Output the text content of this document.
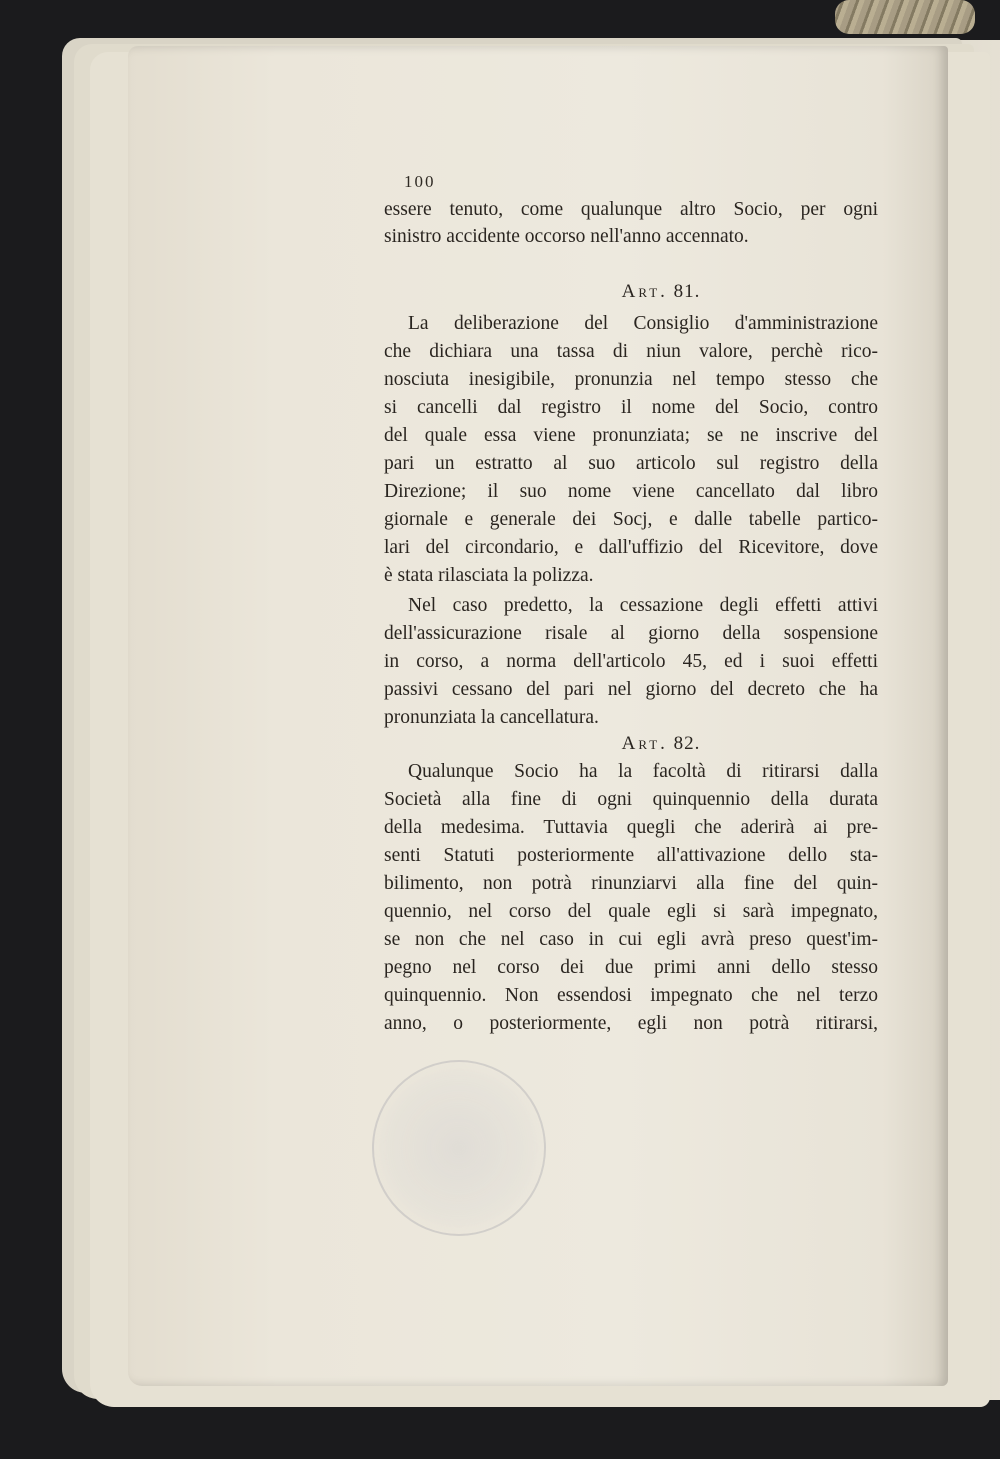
100
essere tenuto, come qualunque altro Socio, per ogni
sinistro accidente occorso nell'anno accennato.
Art. 81.
La deliberazione del Consiglio d'amministrazione
che dichiara una tassa di niun valore, perchè rico-
nosciuta inesigibile, pronunzia nel tempo stesso che
si cancelli dal registro il nome del Socio, contro
del quale essa viene pronunziata; se ne inscrive del
pari un estratto al suo articolo sul registro della
Direzione; il suo nome viene cancellato dal libro
giornale e generale dei Socj, e dalle tabelle partico-
lari del circondario, e dall'uffizio del Ricevitore, dove
è stata rilasciata la polizza.
Nel caso predetto, la cessazione degli effetti attivi
dell'assicurazione risale al giorno della sospensione
in corso, a norma dell'articolo 45, ed i suoi effetti
passivi cessano del pari nel giorno del decreto che ha
pronunziata la cancellatura.
Art. 82.
Qualunque Socio ha la facoltà di ritirarsi dalla
Società alla fine di ogni quinquennio della durata
della medesima. Tuttavia quegli che aderirà ai pre-
senti Statuti posteriormente all'attivazione dello sta-
bilimento, non potrà rinunziarvi alla fine del quin-
quennio, nel corso del quale egli si sarà impegnato,
se non che nel caso in cui egli avrà preso quest'im-
pegno nel corso dei due primi anni dello stesso
quinquennio. Non essendosi impegnato che nel terzo
anno, o posteriormente, egli non potrà ritirarsi,
